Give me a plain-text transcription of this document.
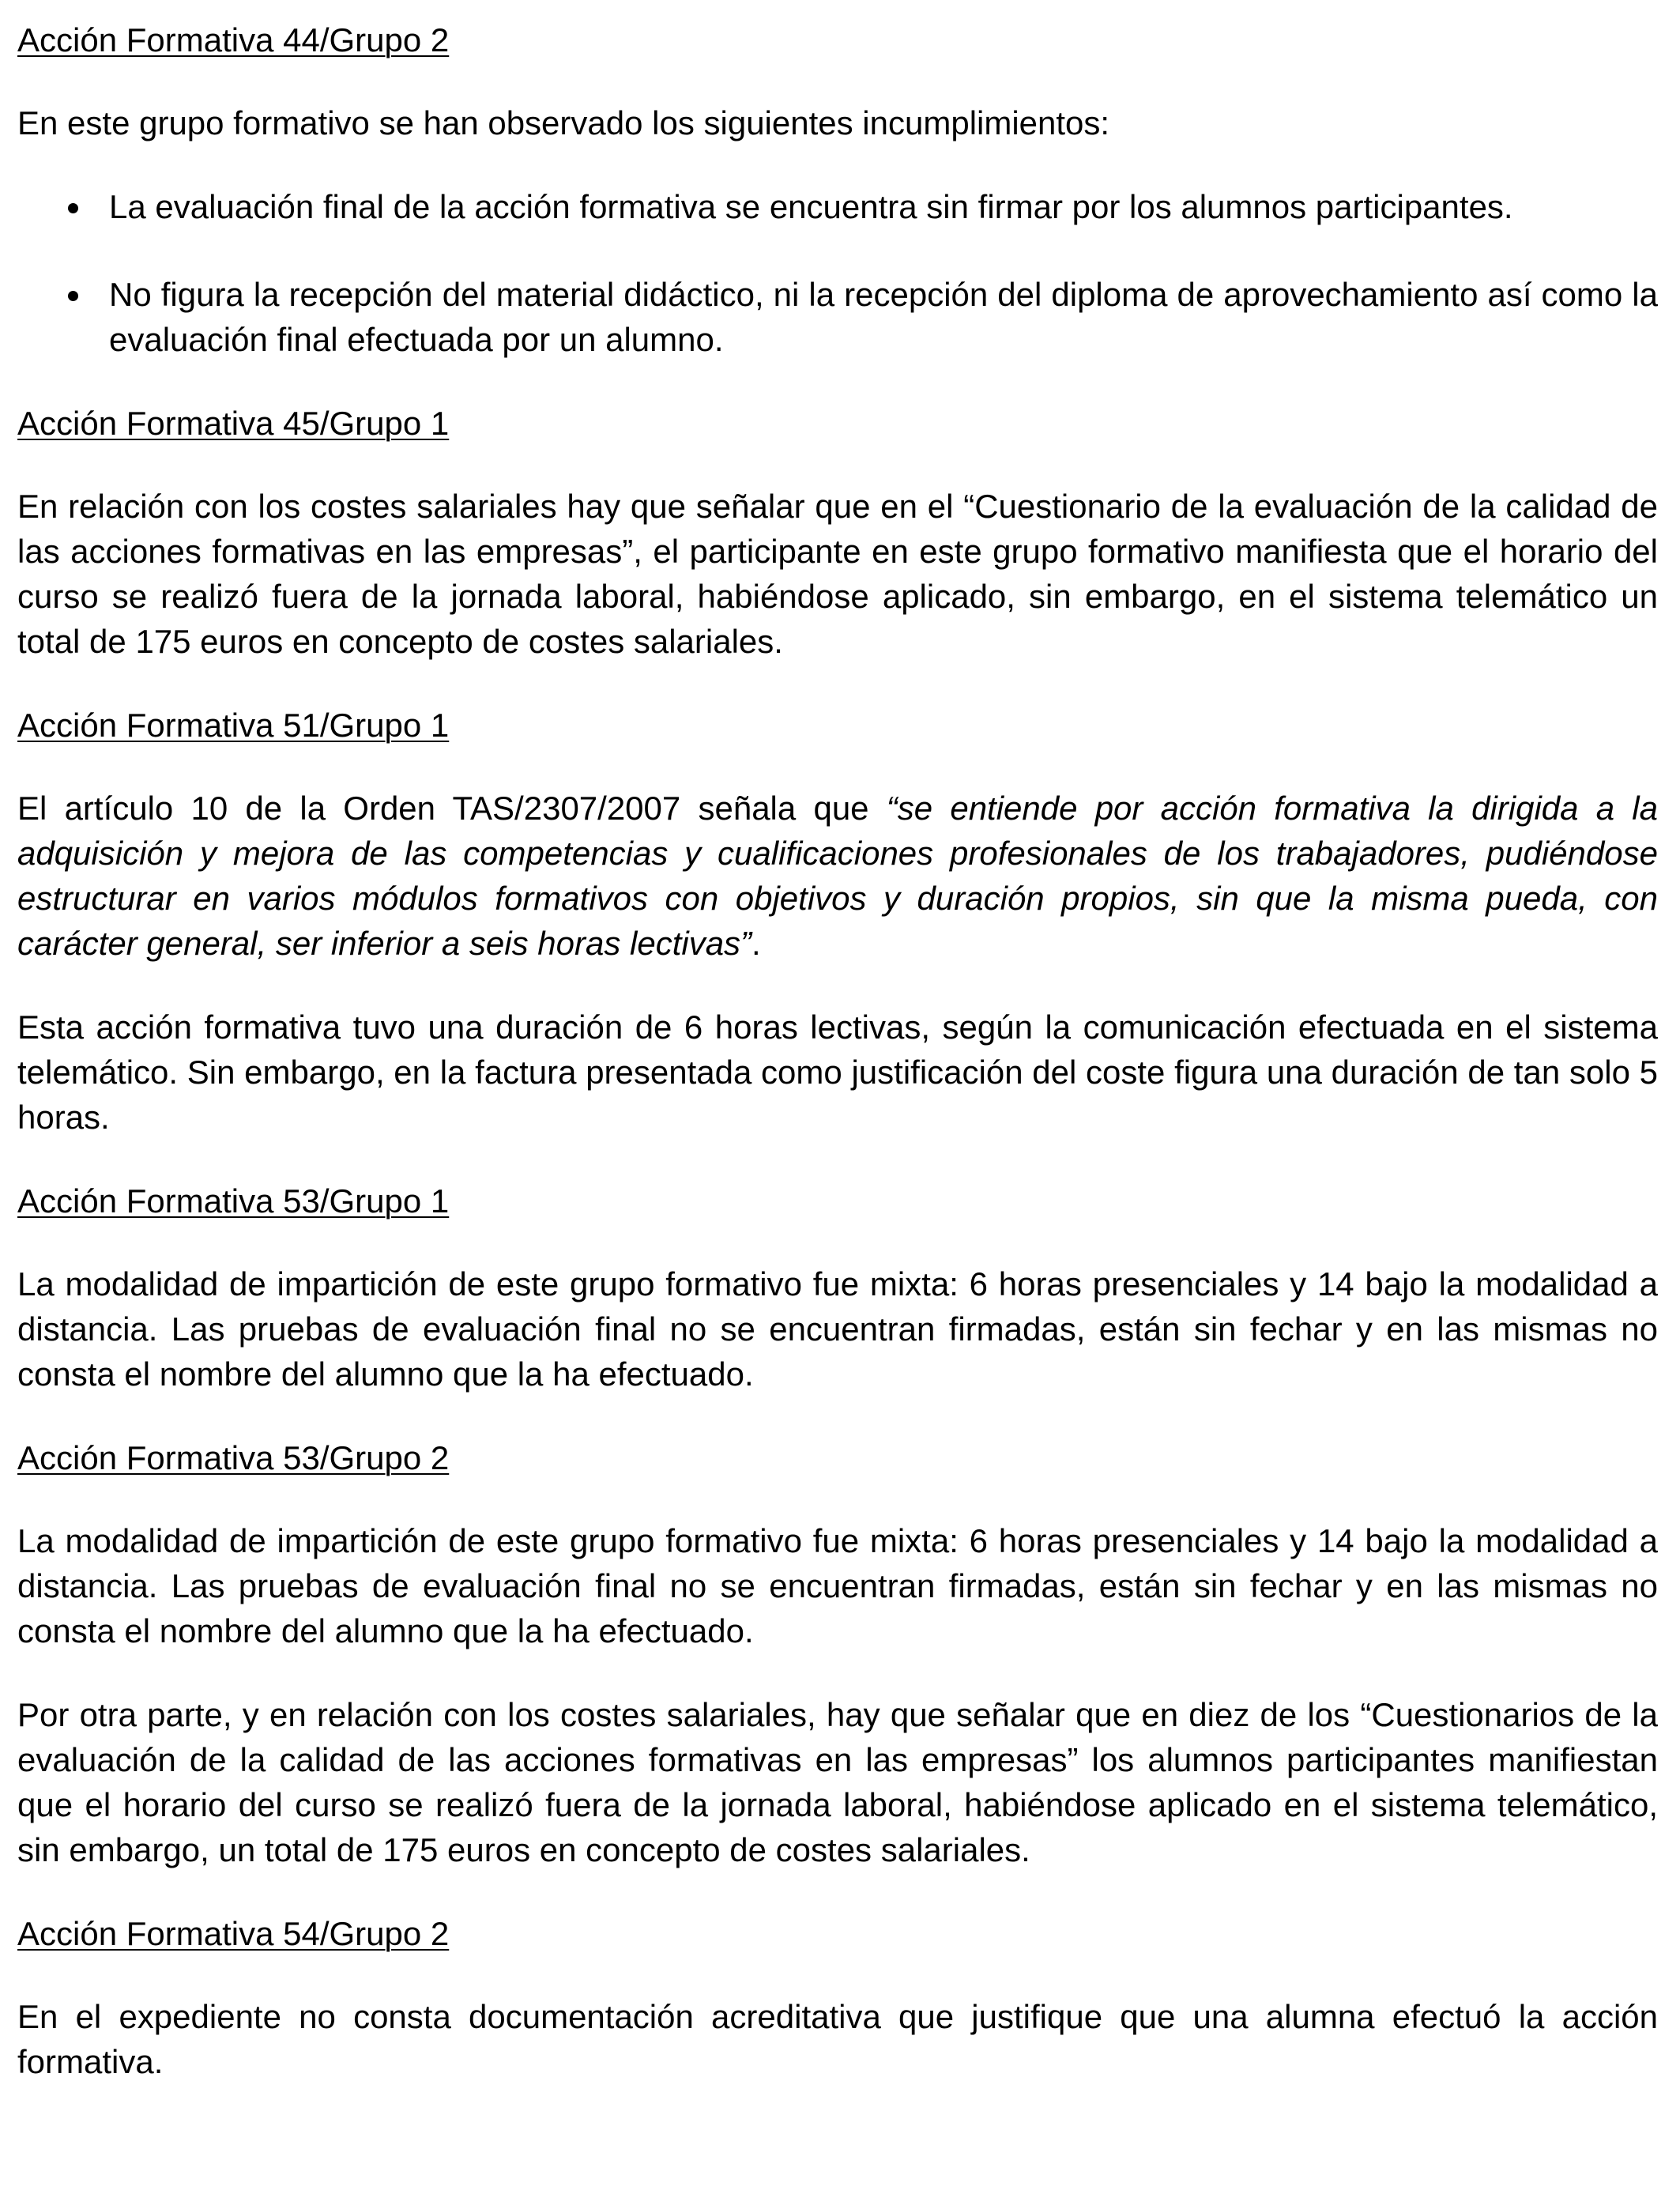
Acción Formativa 44/Grupo 2

En este grupo formativo se han observado los siguientes incumplimientos:

La evaluación final de la acción formativa se encuentra sin firmar por los alumnos participantes.
No figura la recepción del material didáctico, ni la recepción del diploma de aprovechamiento así como la evaluación final efectuada por un alumno.

Acción Formativa 45/Grupo 1

En relación con los costes salariales hay que señalar que en el “Cuestionario de la evaluación de la calidad de las acciones formativas en las empresas”, el participante en este grupo formativo manifiesta que el horario del curso se realizó fuera de la jornada laboral, habiéndose aplicado, sin embargo, en el sistema telemático un total de 175 euros en concepto de costes salariales.

Acción Formativa 51/Grupo 1

El artículo 10 de la Orden TAS/2307/2007 señala que “se entiende por acción formativa la dirigida a la adquisición y mejora de las competencias y cualificaciones profesionales de los trabajadores, pudiéndose estructurar en varios módulos formativos con objetivos y duración propios, sin que la misma pueda, con carácter general, ser inferior a seis horas lectivas”.

Esta acción formativa tuvo una duración de 6 horas lectivas, según la comunicación efectuada en el sistema telemático. Sin embargo, en la factura presentada como justificación del coste figura una duración de tan solo 5 horas.

Acción Formativa 53/Grupo 1

La modalidad de impartición de este grupo formativo fue mixta: 6 horas presenciales y 14 bajo la modalidad a distancia. Las pruebas de evaluación final no se encuentran firmadas, están sin fechar y en las mismas no consta el nombre del alumno que la ha efectuado.

Acción Formativa 53/Grupo 2

La modalidad de impartición de este grupo formativo fue mixta: 6 horas presenciales y 14 bajo la modalidad a distancia. Las pruebas de evaluación final no se encuentran firmadas, están sin fechar y en las mismas no consta el nombre del alumno que la ha efectuado.

Por otra parte, y en relación con los costes salariales, hay que señalar que en diez de los “Cuestionarios de la evaluación de la calidad de las acciones formativas en las empresas” los alumnos participantes manifiestan que el horario del curso se realizó fuera de la jornada laboral, habiéndose aplicado en el sistema telemático, sin embargo, un total de 175 euros en concepto de costes salariales.

Acción Formativa 54/Grupo 2

En el expediente no consta documentación acreditativa que justifique que una alumna efectuó la acción formativa.
